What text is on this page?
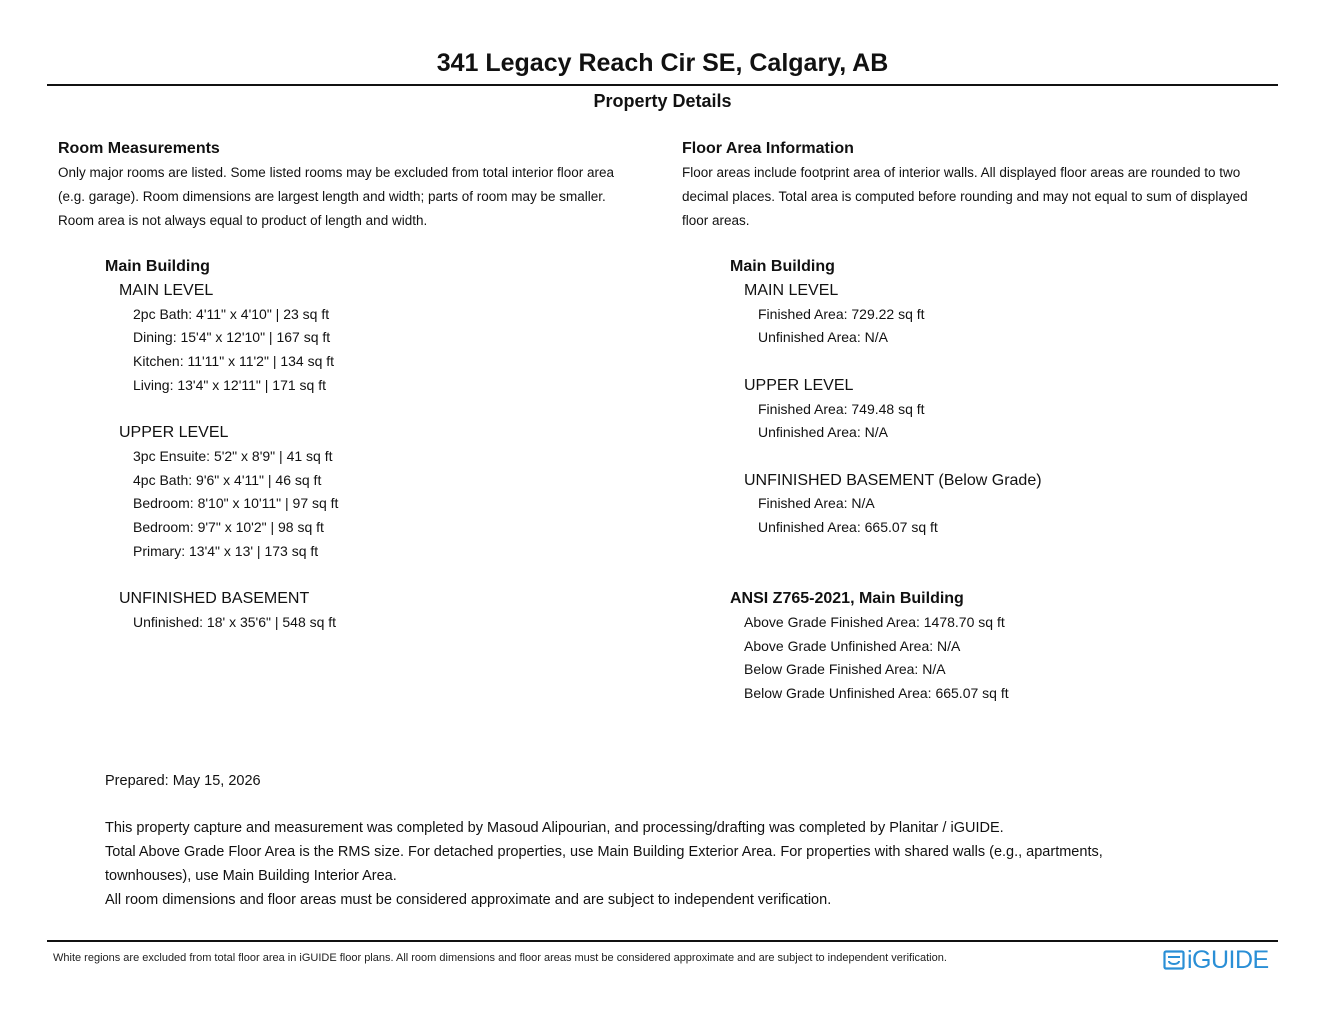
341 Legacy Reach Cir SE, Calgary, AB
Property Details
Room Measurements
Only major rooms are listed. Some listed rooms may be excluded from total interior floor area
(e.g. garage). Room dimensions are largest length and width; parts of room may be smaller.
Room area is not always equal to product of length and width.
Main Building
MAIN LEVEL
2pc Bath: 4'11" x 4'10" | 23 sq ft
Dining: 15'4" x 12'10" | 167 sq ft
Kitchen: 11'11" x 11'2" | 134 sq ft
Living: 13'4" x 12'11" | 171 sq ft
UPPER LEVEL
3pc Ensuite: 5'2" x 8'9" | 41 sq ft
4pc Bath: 9'6" x 4'11" | 46 sq ft
Bedroom: 8'10" x 10'11" | 97 sq ft
Bedroom: 9'7" x 10'2" | 98 sq ft
Primary: 13'4" x 13' | 173 sq ft
UNFINISHED BASEMENT
Unfinished: 18' x 35'6" | 548 sq ft
Floor Area Information
Floor areas include footprint area of interior walls. All displayed floor areas are rounded to two
decimal places. Total area is computed before rounding and may not equal to sum of displayed
floor areas.
Main Building
MAIN LEVEL
Finished Area: 729.22 sq ft
Unfinished Area: N/A
UPPER LEVEL
Finished Area: 749.48 sq ft
Unfinished Area: N/A
UNFINISHED BASEMENT (Below Grade)
Finished Area: N/A
Unfinished Area: 665.07 sq ft
ANSI Z765-2021, Main Building
Above Grade Finished Area: 1478.70 sq ft
Above Grade Unfinished Area: N/A
Below Grade Finished Area: N/A
Below Grade Unfinished Area: 665.07 sq ft
Prepared: May 15, 2026
This property capture and measurement was completed by Masoud Alipourian, and processing/drafting was completed by Planitar / iGUIDE.
Total Above Grade Floor Area is the RMS size. For detached properties, use Main Building Exterior Area. For properties with shared walls (e.g., apartments,
townhouses), use Main Building Interior Area.
All room dimensions and floor areas must be considered approximate and are subject to independent verification.
White regions are excluded from total floor area in iGUIDE floor plans. All room dimensions and floor areas must be considered approximate and are subject to independent verification.	iGUIDE
